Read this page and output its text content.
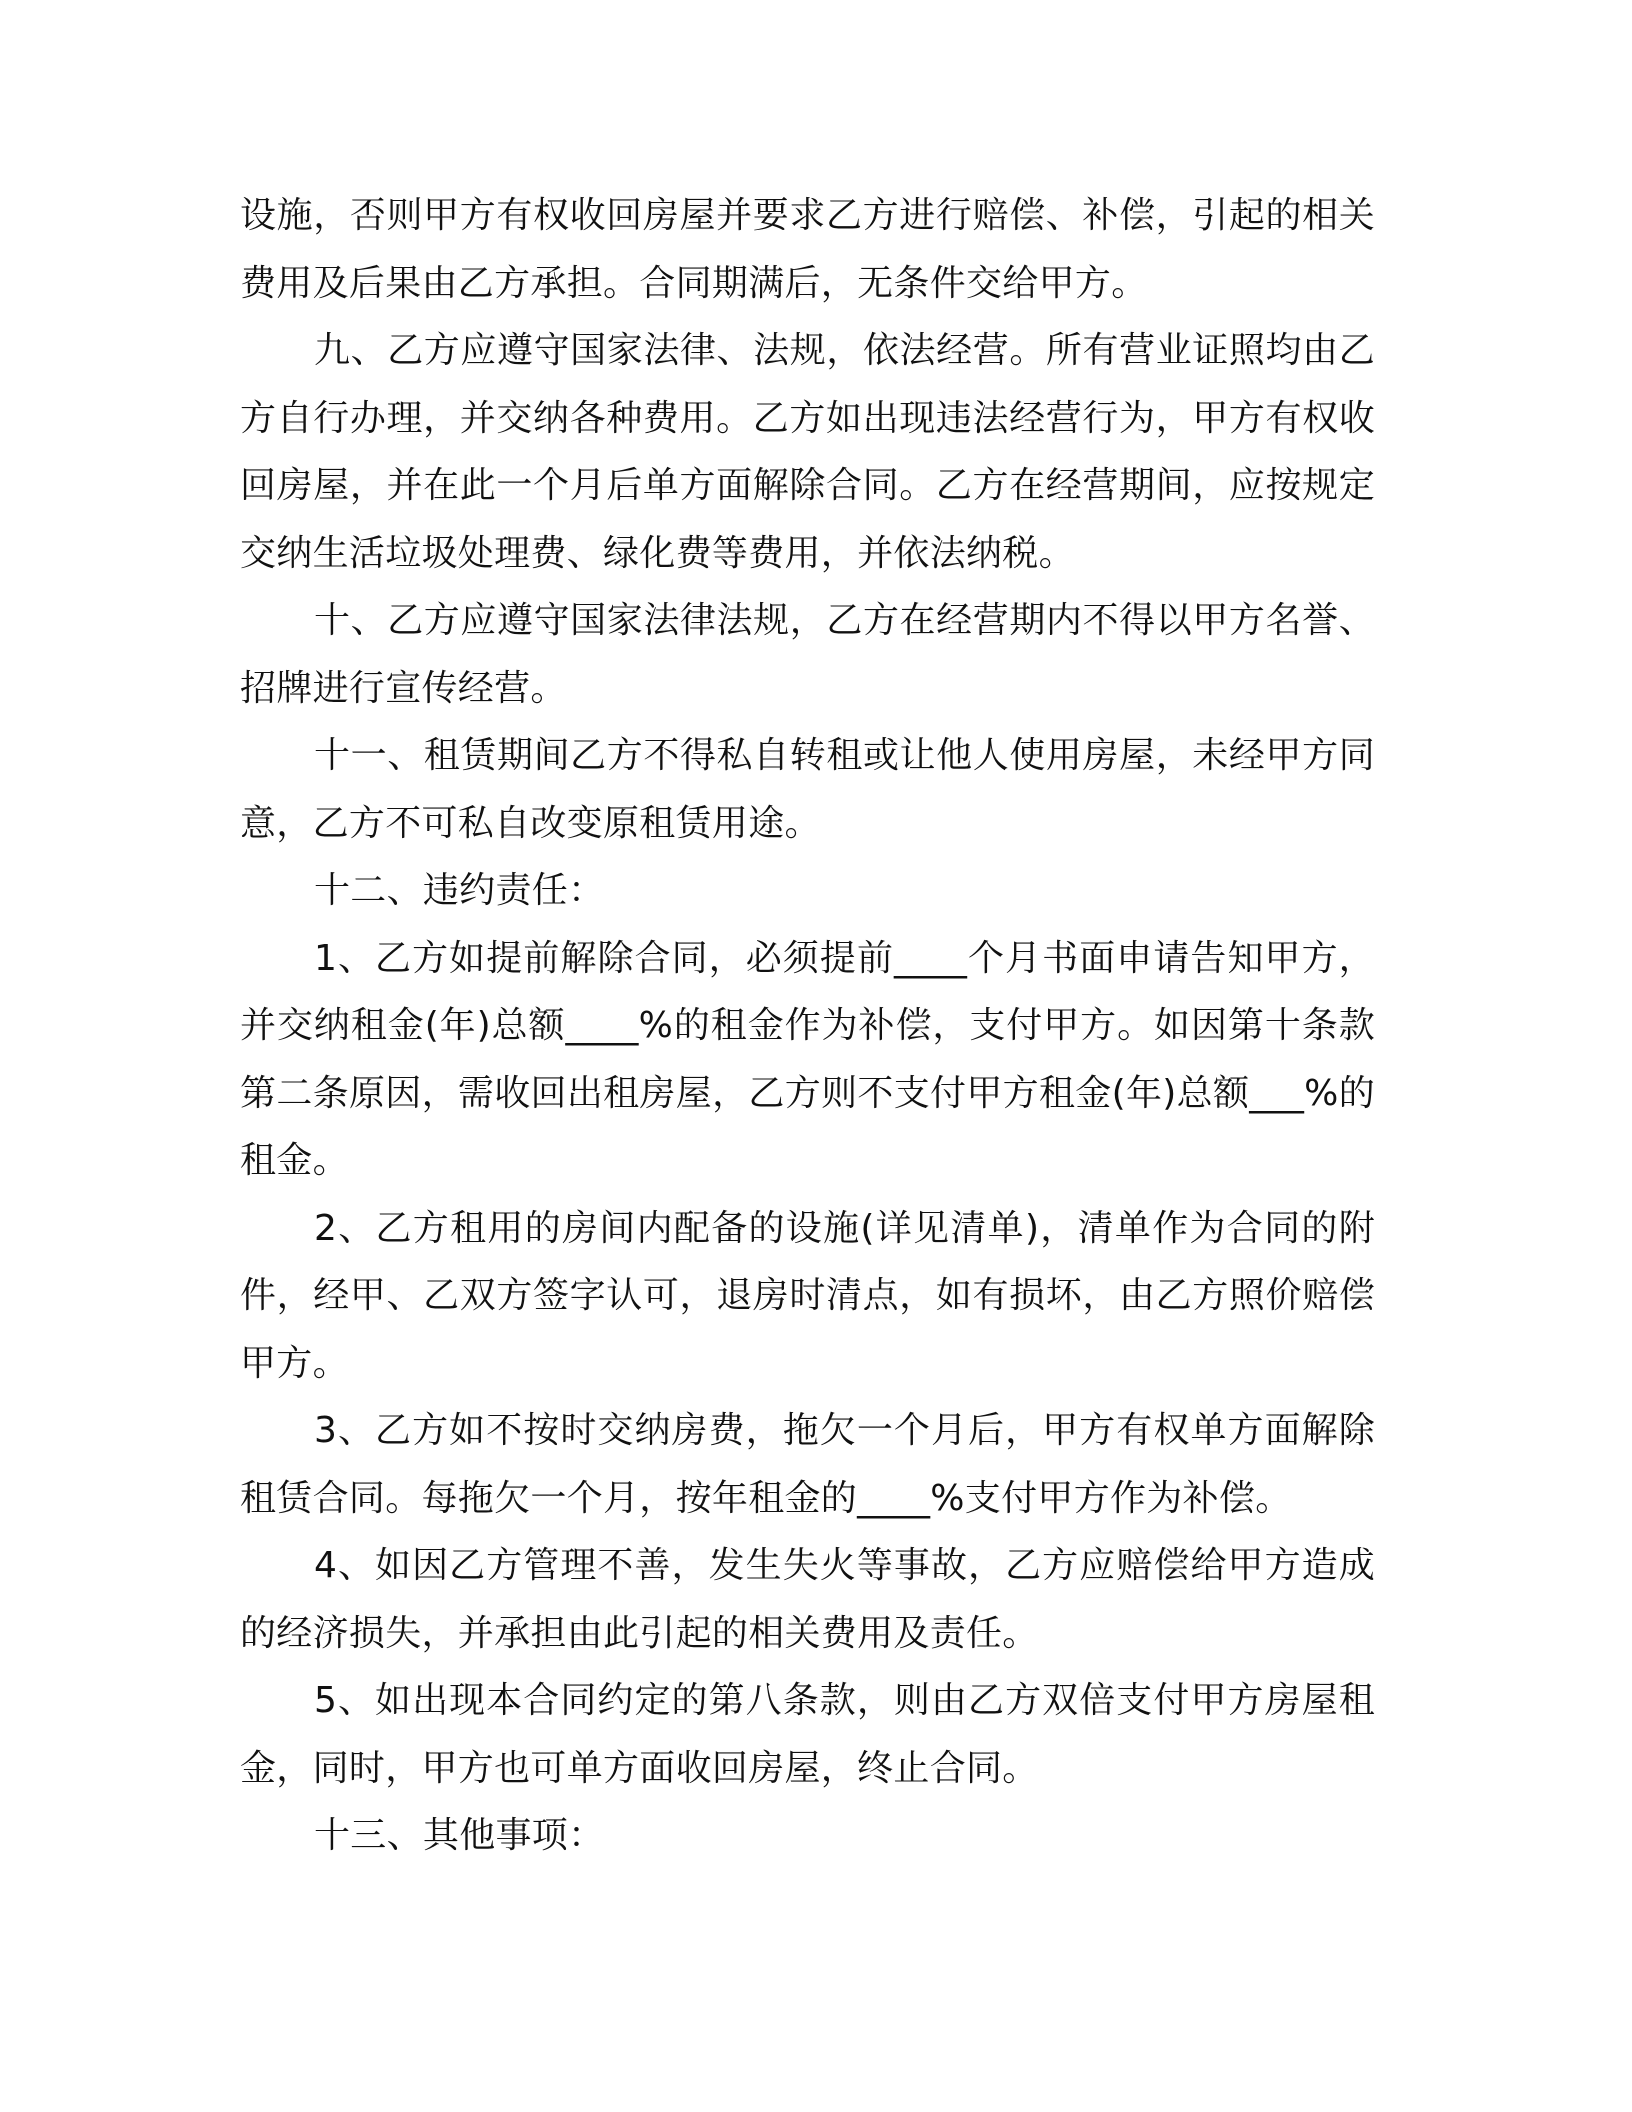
设施，否则甲方有权收回房屋并要求乙方进行赔偿、补偿，引起的相关费用及后果由乙方承担。合同期满后，无条件交给甲方。

九、乙方应遵守国家法律、法规，依法经营。所有营业证照均由乙方自行办理，并交纳各种费用。乙方如出现违法经营行为，甲方有权收回房屋，并在此一个月后单方面解除合同。乙方在经营期间，应按规定交纳生活垃圾处理费、绿化费等费用，并依法纳税。

十、乙方应遵守国家法律法规，乙方在经营期内不得以甲方名誉、招牌进行宣传经营。

十一、租赁期间乙方不得私自转租或让他人使用房屋，未经甲方同意，乙方不可私自改变原租赁用途。

十二、违约责任：

1、乙方如提前解除合同，必须提前____个月书面申请告知甲方，并交纳租金(年)总额____%的租金作为补偿，支付甲方。如因第十条款第二条原因，需收回出租房屋，乙方则不支付甲方租金(年)总额___%的租金。

2、乙方租用的房间内配备的设施(详见清单)，清单作为合同的附件，经甲、乙双方签字认可，退房时清点，如有损坏，由乙方照价赔偿甲方。

3、乙方如不按时交纳房费，拖欠一个月后，甲方有权单方面解除租赁合同。每拖欠一个月，按年租金的____%支付甲方作为补偿。

4、如因乙方管理不善，发生失火等事故，乙方应赔偿给甲方造成的经济损失，并承担由此引起的相关费用及责任。

5、如出现本合同约定的第八条款，则由乙方双倍支付甲方房屋租金，同时，甲方也可单方面收回房屋，终止合同。

十三、其他事项：
